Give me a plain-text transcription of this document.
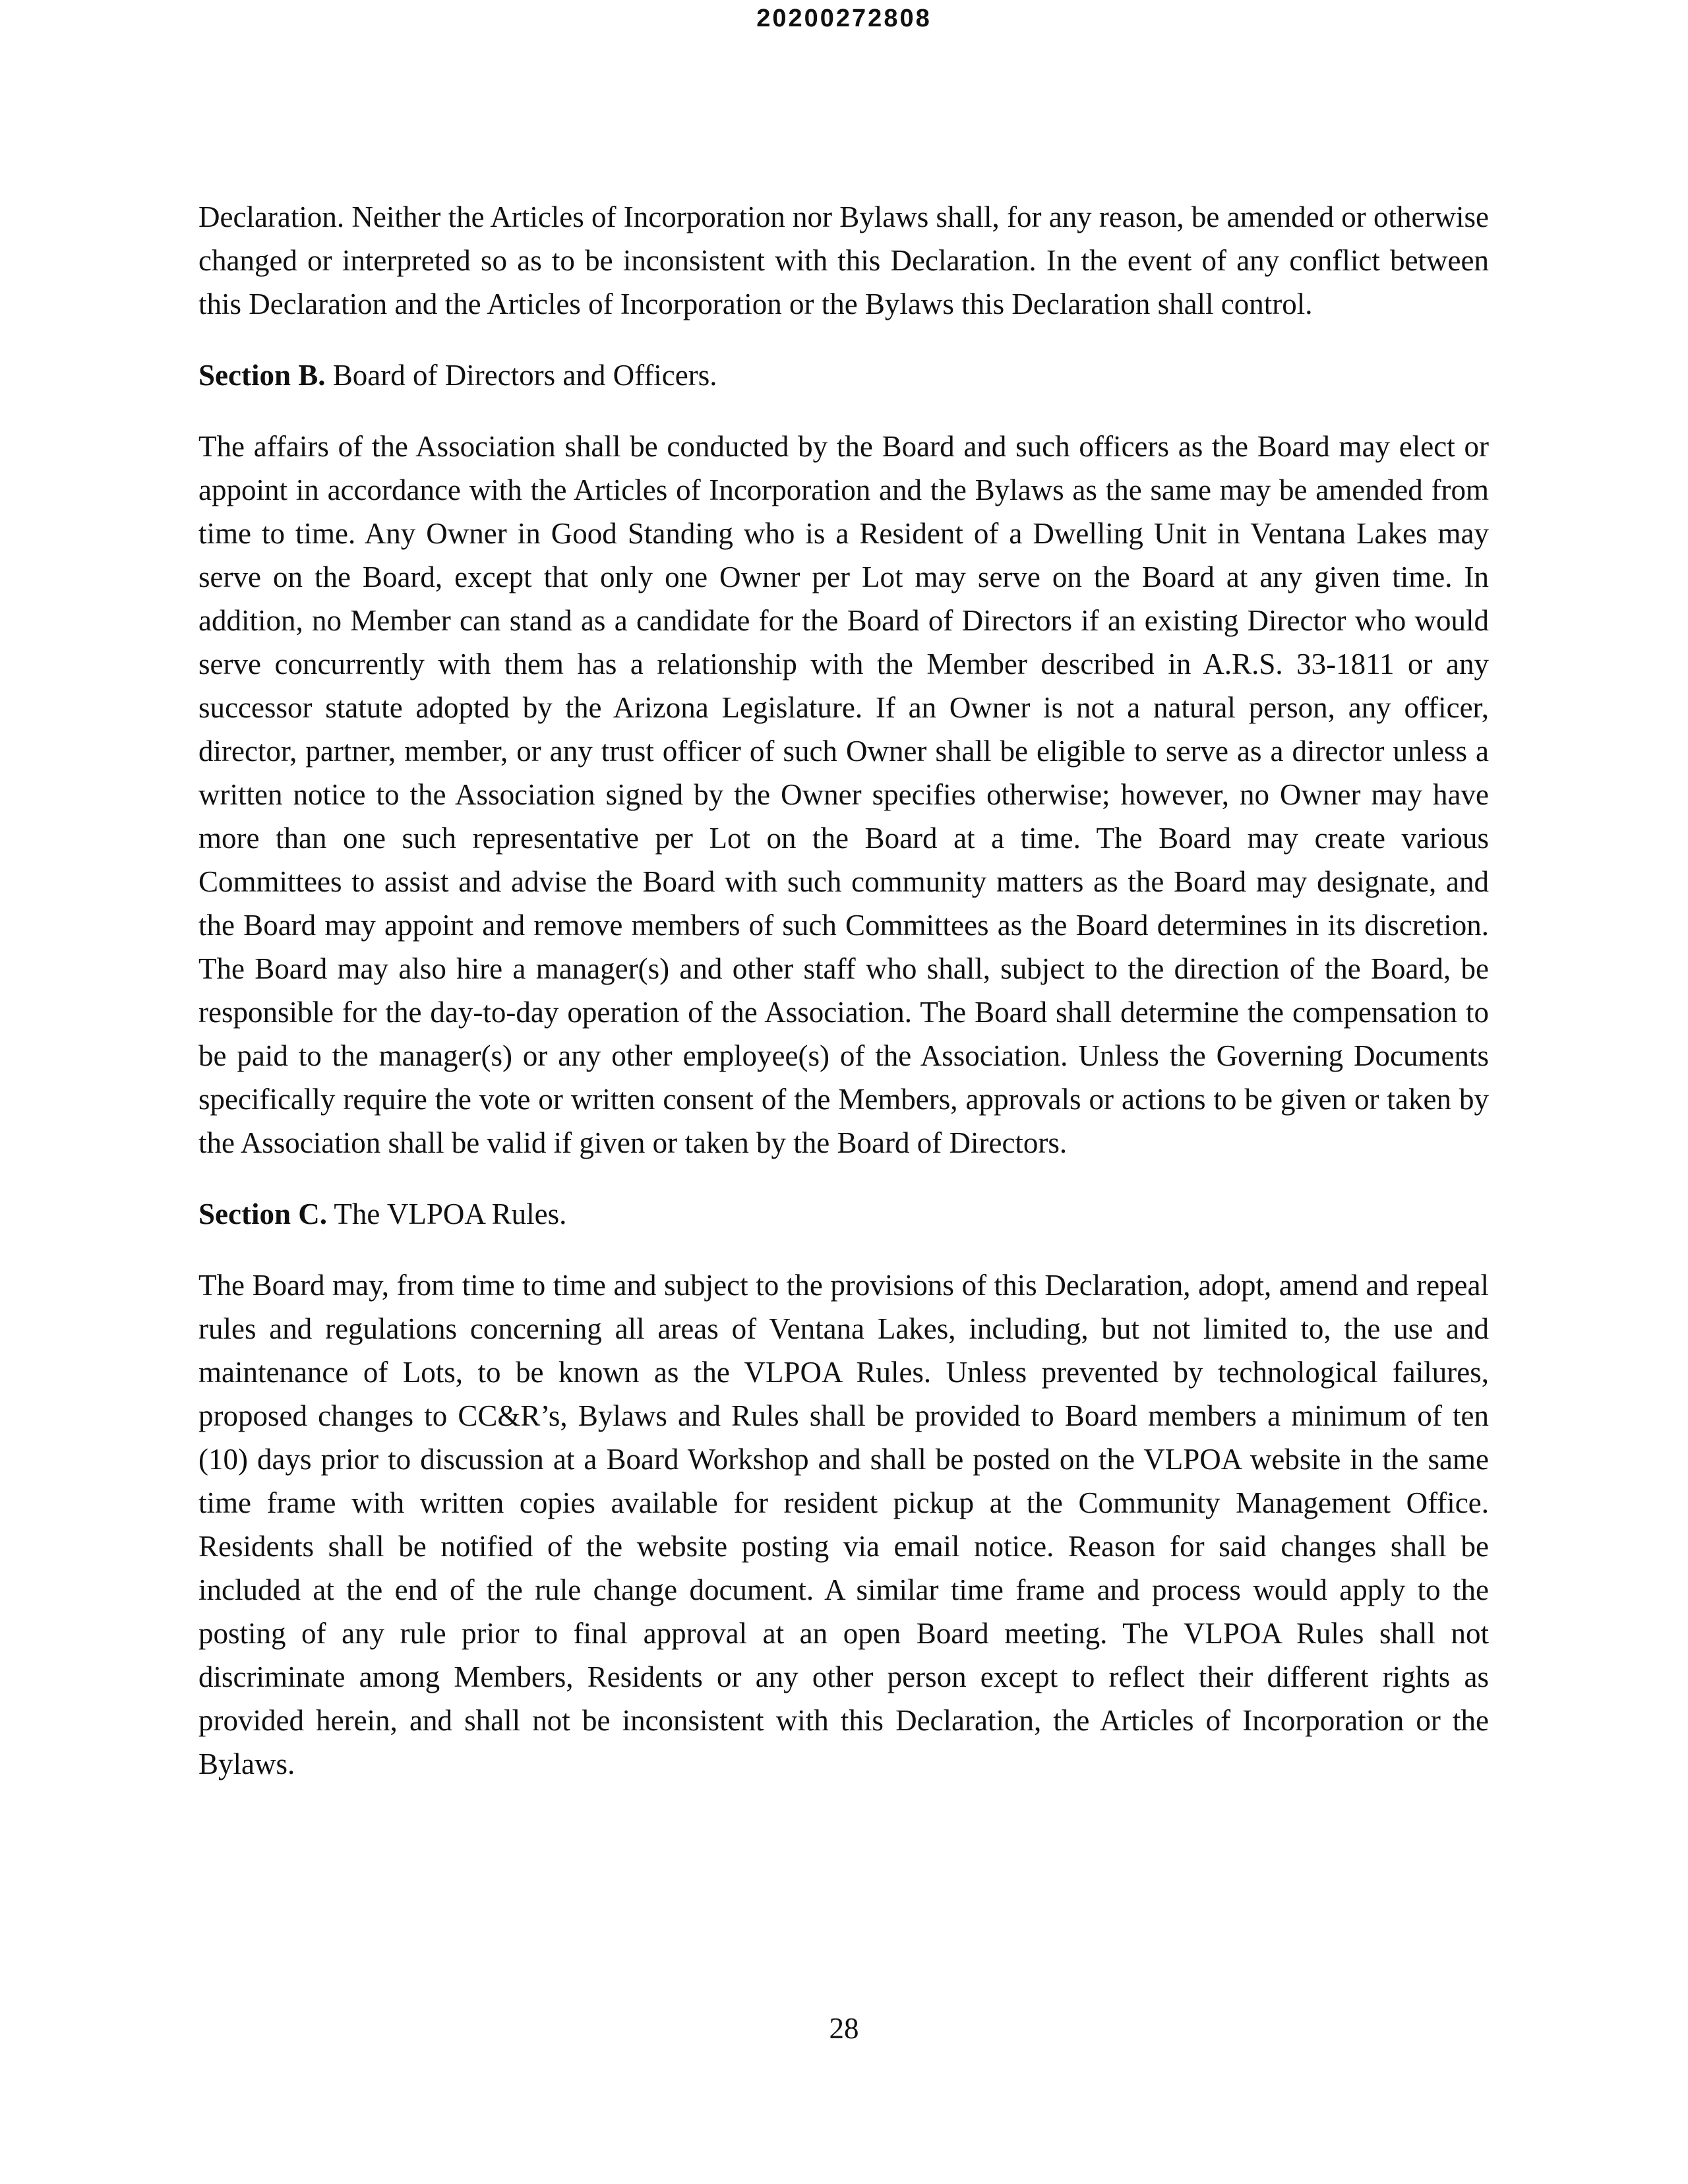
20200272808

Declaration. Neither the Articles of Incorporation nor Bylaws shall, for any reason, be amended or otherwise changed or interpreted so as to be inconsistent with this Declaration. In the event of any conflict between this Declaration and the Articles of Incorporation or the Bylaws this Declaration shall control.

Section B. Board of Directors and Officers.

The affairs of the Association shall be conducted by the Board and such officers as the Board may elect or appoint in accordance with the Articles of Incorporation and the Bylaws as the same may be amended from time to time. Any Owner in Good Standing who is a Resident of a Dwelling Unit in Ventana Lakes may serve on the Board, except that only one Owner per Lot may serve on the Board at any given time. In addition, no Member can stand as a candidate for the Board of Directors if an existing Director who would serve concurrently with them has a relationship with the Member described in A.R.S. 33-1811 or any successor statute adopted by the Arizona Legislature. If an Owner is not a natural person, any officer, director, partner, member, or any trust officer of such Owner shall be eligible to serve as a director unless a written notice to the Association signed by the Owner specifies otherwise; however, no Owner may have more than one such representative per Lot on the Board at a time. The Board may create various Committees to assist and advise the Board with such community matters as the Board may designate, and the Board may appoint and remove members of such Committees as the Board determines in its discretion. The Board may also hire a manager(s) and other staff who shall, subject to the direction of the Board, be responsible for the day-to-day operation of the Association. The Board shall determine the compensation to be paid to the manager(s) or any other employee(s) of the Association. Unless the Governing Documents specifically require the vote or written consent of the Members, approvals or actions to be given or taken by the Association shall be valid if given or taken by the Board of Directors.

Section C. The VLPOA Rules.

The Board may, from time to time and subject to the provisions of this Declaration, adopt, amend and repeal rules and regulations concerning all areas of Ventana Lakes, including, but not limited to, the use and maintenance of Lots, to be known as the VLPOA Rules. Unless prevented by technological failures, proposed changes to CC&R’s, Bylaws and Rules shall be provided to Board members a minimum of ten (10) days prior to discussion at a Board Workshop and shall be posted on the VLPOA website in the same time frame with written copies available for resident pickup at the Community Management Office. Residents shall be notified of the website posting via email notice. Reason for said changes shall be included at the end of the rule change document. A similar time frame and process would apply to the posting of any rule prior to final approval at an open Board meeting. The VLPOA Rules shall not discriminate among Members, Residents or any other person except to reflect their different rights as provided herein, and shall not be inconsistent with this Declaration, the Articles of Incorporation or the Bylaws.

28
